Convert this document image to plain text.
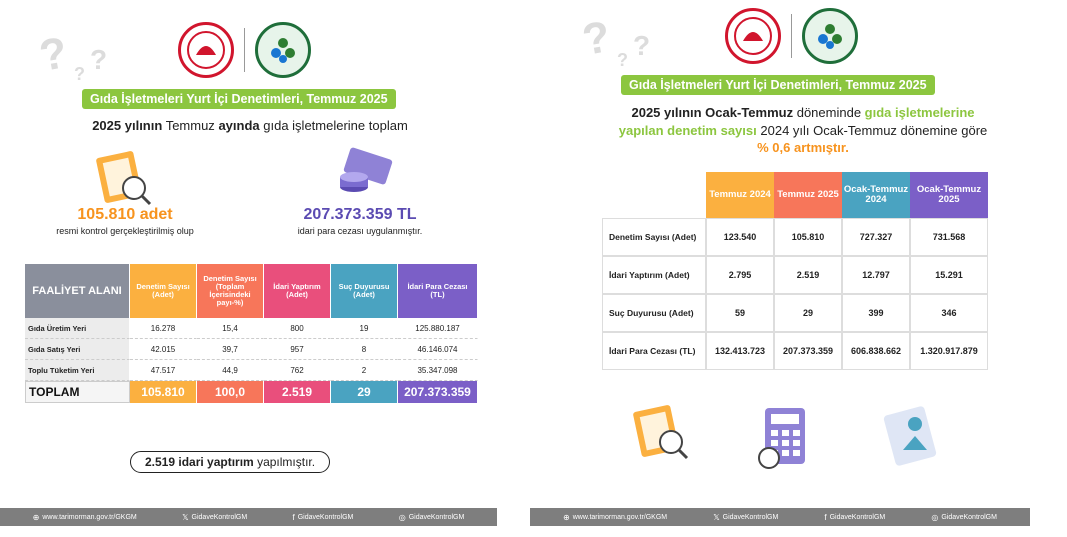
? ?
?
Gıda İşletmeleri Yurt İçi Denetimleri, Temmuz 2025
2025 yılının Temmuz ayında gıda işletmelerine toplam
105.810 adet
resmi kontrol gerçekleştirilmiş olup
207.373.359 TL
idari para cezası uygulanmıştır.
FAALİYET ALANI	Denetim Sayısı (Adet)	Denetim Sayısı (Toplam İçerisindeki payı-%)	İdari Yaptırım (Adet)	Suç Duyurusu (Adet)	İdari Para Cezası (TL)
Gıda Üretim Yeri	16.278	15,4	800	19	125.880.187
Gıda Satış Yeri	42.015	39,7	957	8	46.146.074
Toplu Tüketim Yeri	47.517	44,9	762	2	35.347.098
TOPLAM	105.810	100,0	2.519	29	207.373.359
2.519 idari yaptırım yapılmıştır.
⊕ www.tarimorman.gov.tr/GKGM	𝕏 GidaveKontrolGM	f GidaveKontrolGM	◎ GidaveKontrolGM
? ?
?
Gıda İşletmeleri Yurt İçi Denetimleri, Temmuz 2025
2025 yılının Ocak-Temmuz döneminde gıda işletmelerine
yapılan denetim sayısı 2024 yılı Ocak-Temmuz dönemine göre
% 0,6 artmıştır.
⊕ www.tarimorman.gov.tr/GKGM	𝕏 GidaveKontrolGM	f GidaveKontrolGM	◎ GidaveKontrolGM
	Temmuz 2024	Temmuz 2025	Ocak-Temmuz 2024	Ocak-Temmuz 2025
Denetim Sayısı (Adet)	123.540	105.810	727.327	731.568
İdari Yaptırım (Adet)	2.795	2.519	12.797	15.291
Suç Duyurusu (Adet)	59	29	399	346
İdari Para Cezası (TL)	132.413.723	207.373.359	606.838.662	1.320.917.879
